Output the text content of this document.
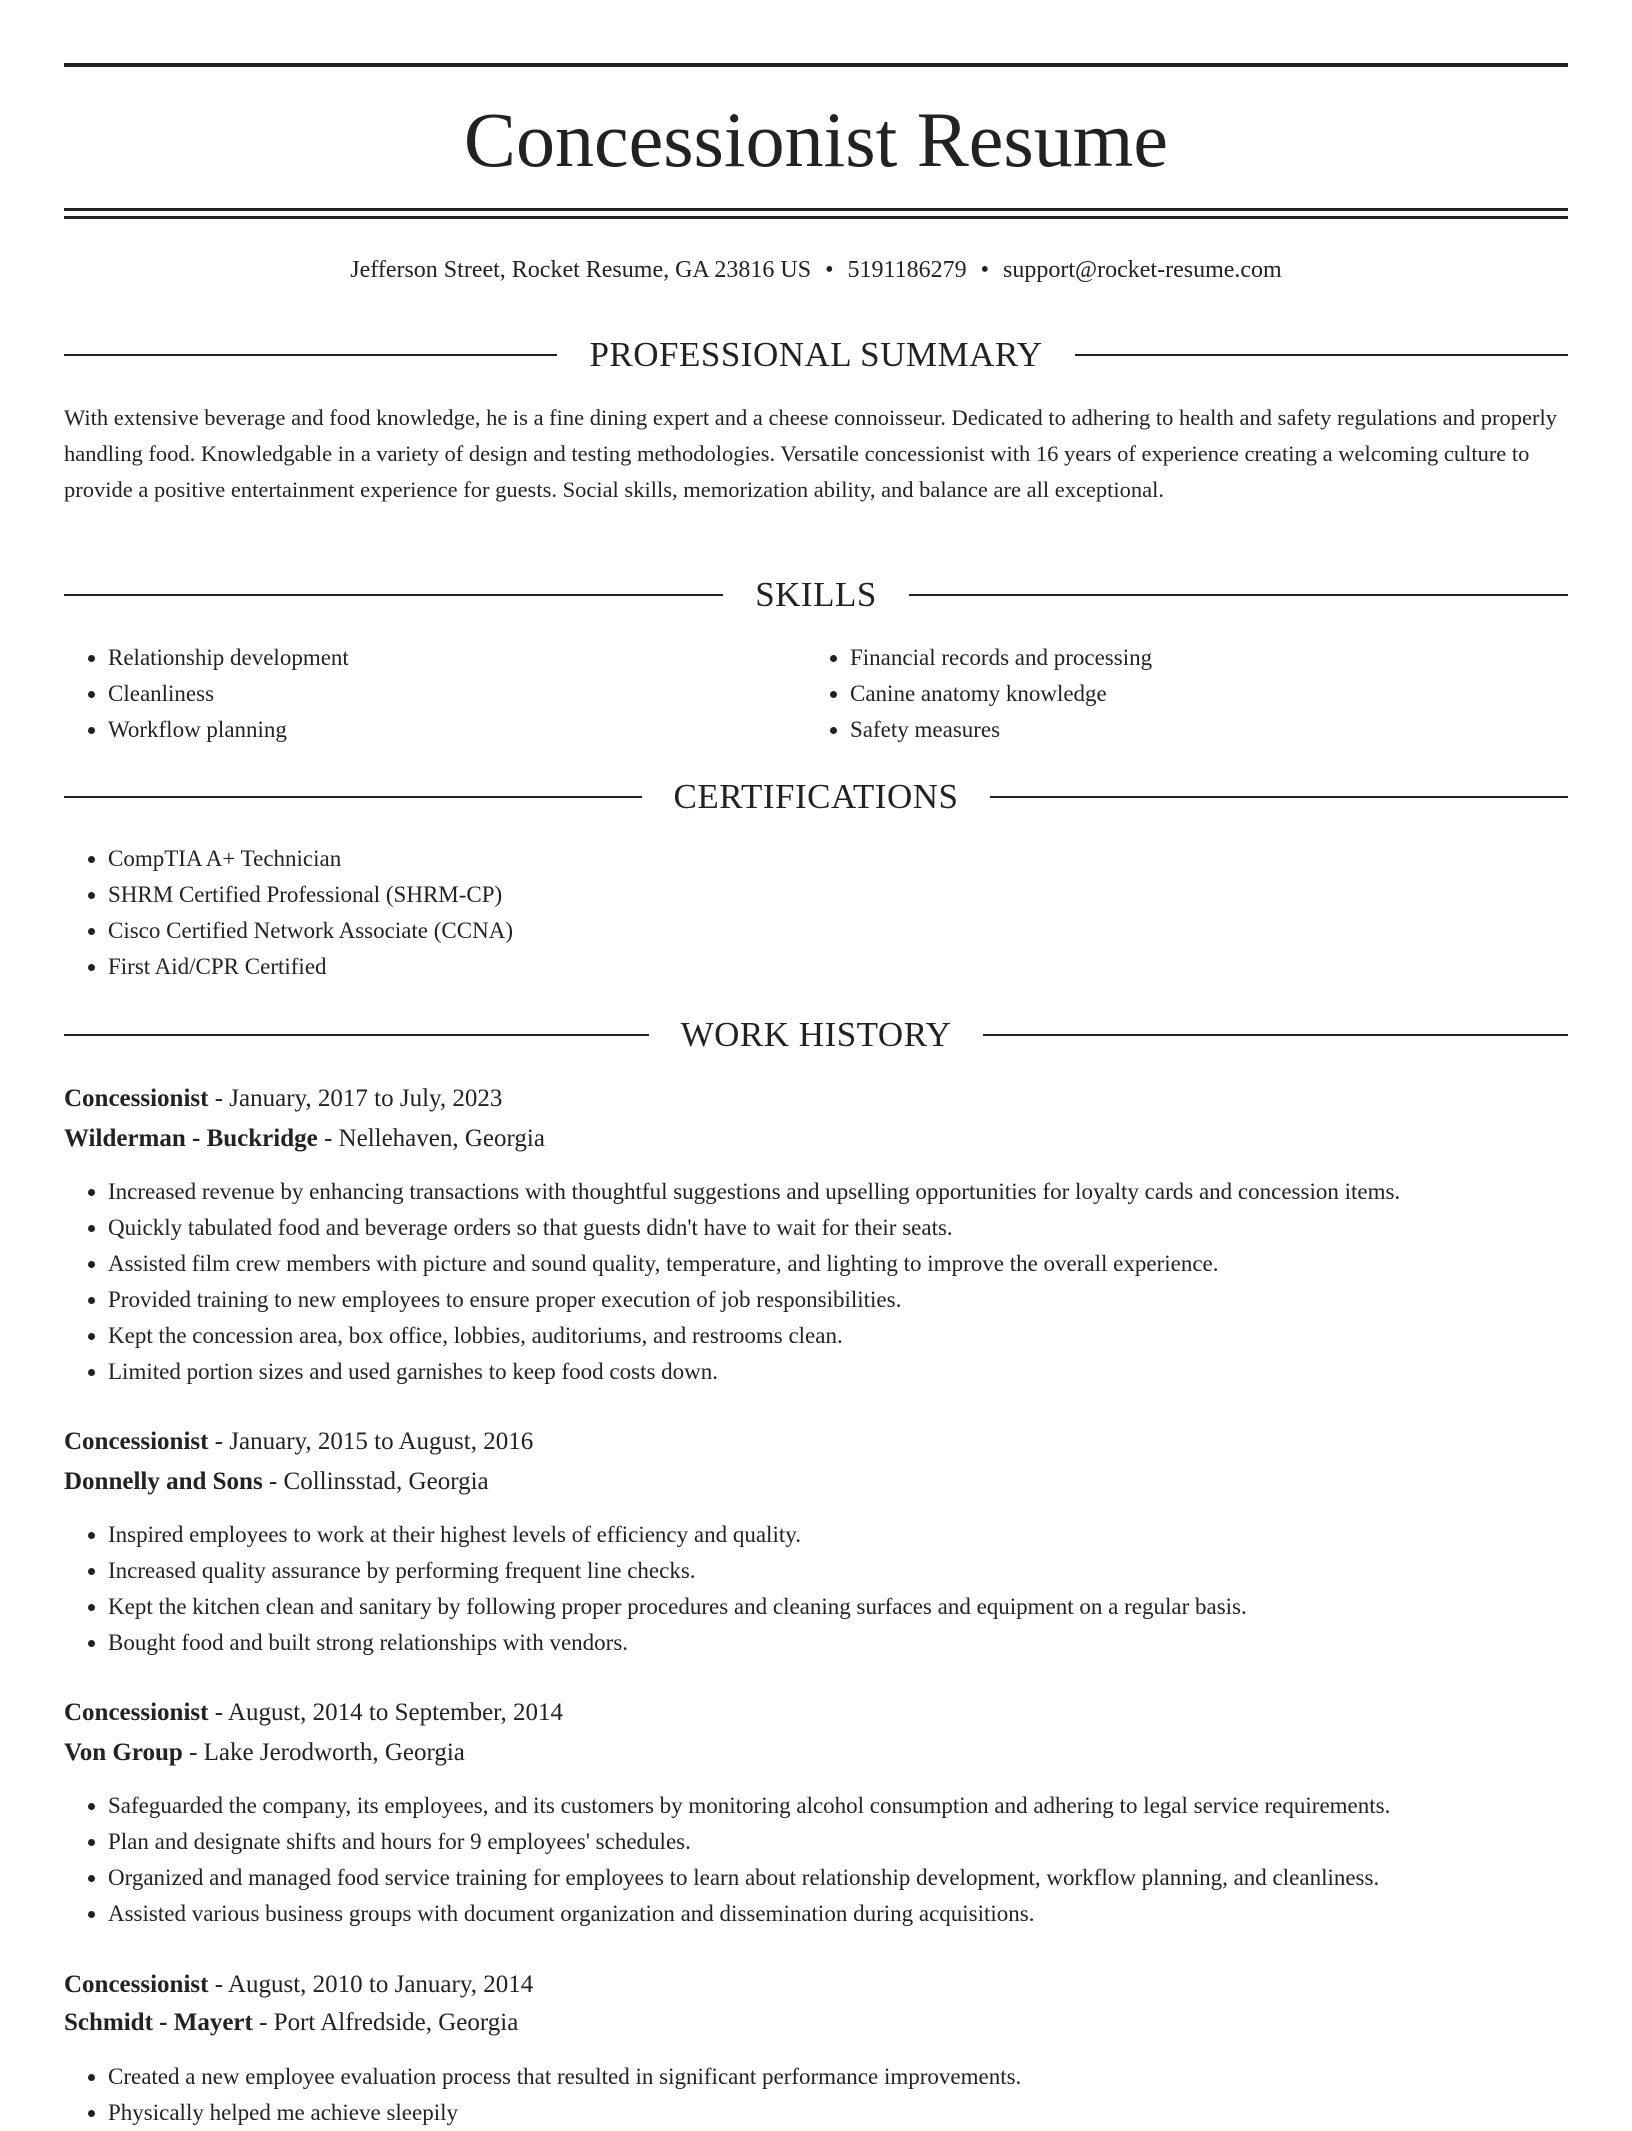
Concessionist Resume
Jefferson Street, Rocket Resume, GA 23816 US • 5191186279 • support@rocket-resume.com
PROFESSIONAL SUMMARY
With extensive beverage and food knowledge, he is a fine dining expert and a cheese connoisseur. Dedicated to adhering to health and safety regulations and properly handling food. Knowledgable in a variety of design and testing methodologies. Versatile concessionist with 16 years of experience creating a welcoming culture to provide a positive entertainment experience for guests. Social skills, memorization ability, and balance are all exceptional.
SKILLS
• Relationship development
• Cleanliness
• Workflow planning
• Financial records and processing
• Canine anatomy knowledge
• Safety measures
CERTIFICATIONS
• CompTIA A+ Technician
• SHRM Certified Professional (SHRM-CP)
• Cisco Certified Network Associate (CCNA)
• First Aid/CPR Certified
WORK HISTORY
Concessionist - January, 2017 to July, 2023
Wilderman - Buckridge - Nellehaven, Georgia
• Increased revenue by enhancing transactions with thoughtful suggestions and upselling opportunities for loyalty cards and concession items.
• Quickly tabulated food and beverage orders so that guests didn't have to wait for their seats.
• Assisted film crew members with picture and sound quality, temperature, and lighting to improve the overall experience.
• Provided training to new employees to ensure proper execution of job responsibilities.
• Kept the concession area, box office, lobbies, auditoriums, and restrooms clean.
• Limited portion sizes and used garnishes to keep food costs down.
Concessionist - January, 2015 to August, 2016
Donnelly and Sons - Collinsstad, Georgia
• Inspired employees to work at their highest levels of efficiency and quality.
• Increased quality assurance by performing frequent line checks.
• Kept the kitchen clean and sanitary by following proper procedures and cleaning surfaces and equipment on a regular basis.
• Bought food and built strong relationships with vendors.
Concessionist - August, 2014 to September, 2014
Von Group - Lake Jerodworth, Georgia
• Safeguarded the company, its employees, and its customers by monitoring alcohol consumption and adhering to legal service requirements.
• Plan and designate shifts and hours for 9 employees' schedules.
• Organized and managed food service training for employees to learn about relationship development, workflow planning, and cleanliness.
• Assisted various business groups with document organization and dissemination during acquisitions.
Concessionist - August, 2010 to January, 2014
Schmidt - Mayert - Port Alfredside, Georgia
• Created a new employee evaluation process that resulted in significant performance improvements.
• Physically helped me achieve sleepily
